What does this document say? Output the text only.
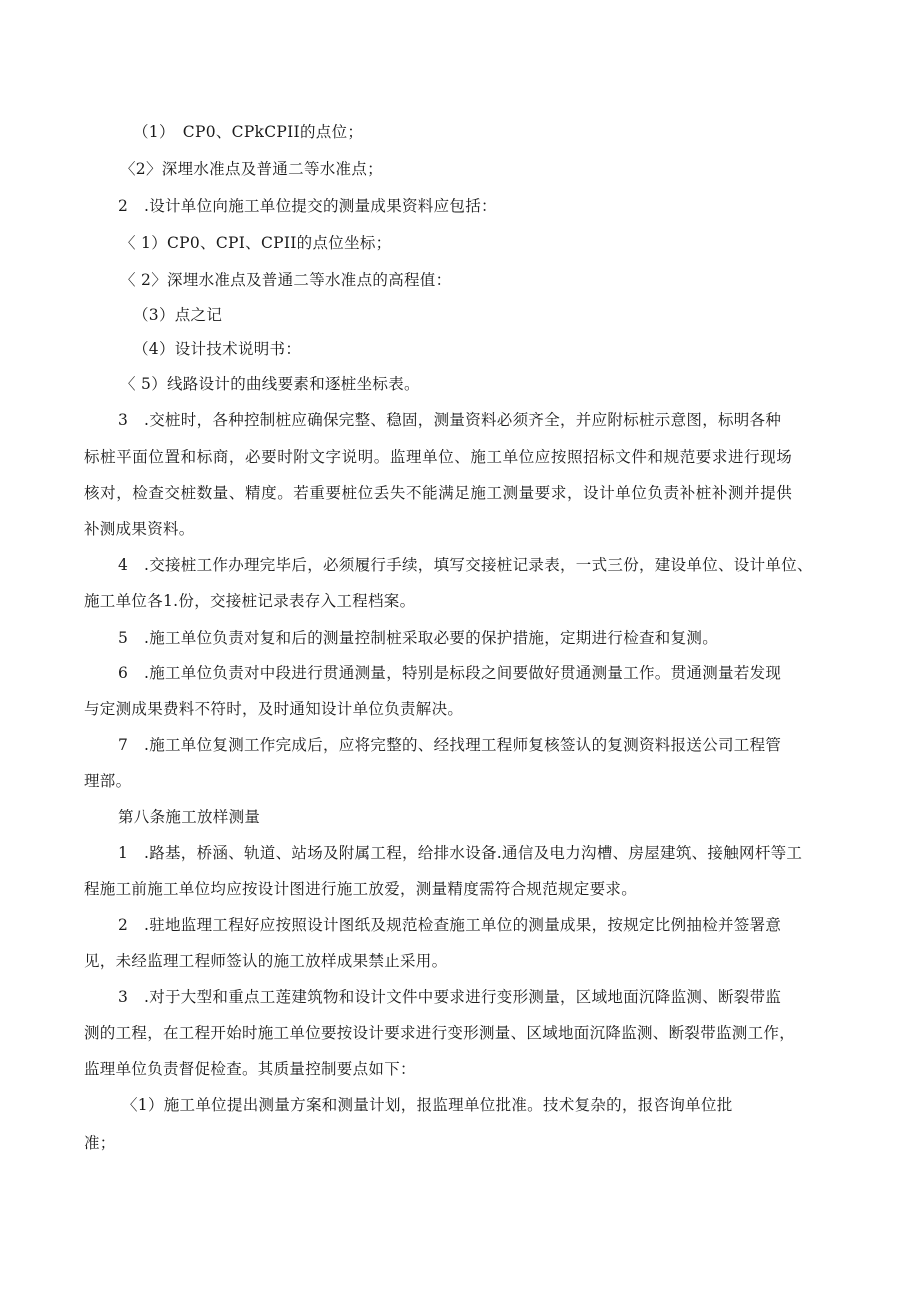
（1）　CP0、CPkCPII的点位；
〈2〉深埋水准点及普通二等水准点；
2　.设计单位向施工单位提交的测量成果资料应包括：
〈 1）CP0、CPI、CPII的点位坐标；
〈 2〉深埋水准点及普通二等水准点的高程值：
（3）点之记
（4）设计技术说明书：
〈 5）线路设计的曲线要素和逐桩坐标表。
3　.交桩时，各种控制桩应确保完整、稳固，测量资料必须齐全，并应附标桩示意图，标明各种
标桩平面位置和标商，必要时附文字说明。监理单位、施工单位应按照招标文件和规范要求进行现场
核对，检查交桩数量、精度。若重要桩位丢失不能满足施工测量要求，设计单位负责补桩补测并提供
补测成果资料。
4　.交接桩工作办理完毕后，必须履行手续，填写交接桩记录表，一式三份，建设单位、设计单位、
施工单位各1.份，交接桩记录表存入工程档案。
5　.施工单位负责对复和后的测量控制桩采取必要的保护措施，定期进行检查和复测。
6　.施工单位负责对中段进行贯通测量，特别是标段之间要做好贯通测量工作。贯通测量若发现
与定测成果费料不符时，及时通知设计单位负责解决。
7　.施工单位复测工作完成后，应将完整的、经找理工程师复核签认的复测资料报送公司工程管
理部。
第八条施工放样测量
1　.路基，桥涵、轨道、站场及附属工程，给排水设备.通信及电力沟槽、房屋建筑、接触网杆等工
程施工前施工单位均应按设计图进行施工放爱，测量精度需符合规范规定要求。
2　.驻地监理工程好应按照设计图纸及规范检查施工单位的测量成果，按规定比例抽检并签署意
见，未经监理工程师签认的施工放样成果禁止采用。
3　.对于大型和重点工莲建筑物和设计文件中要求进行变形测量，区域地面沉降监测、断裂带监
测的工程，在工程开始时施工单位要按设计要求进行变形测量、区域地面沉降监测、断裂带监测工作，
监理单位负责督促检查。其质量控制要点如下：
〈1）施工单位提出测量方案和测量计划，报监理单位批准。技术复杂的，报咨询单位批
准；
